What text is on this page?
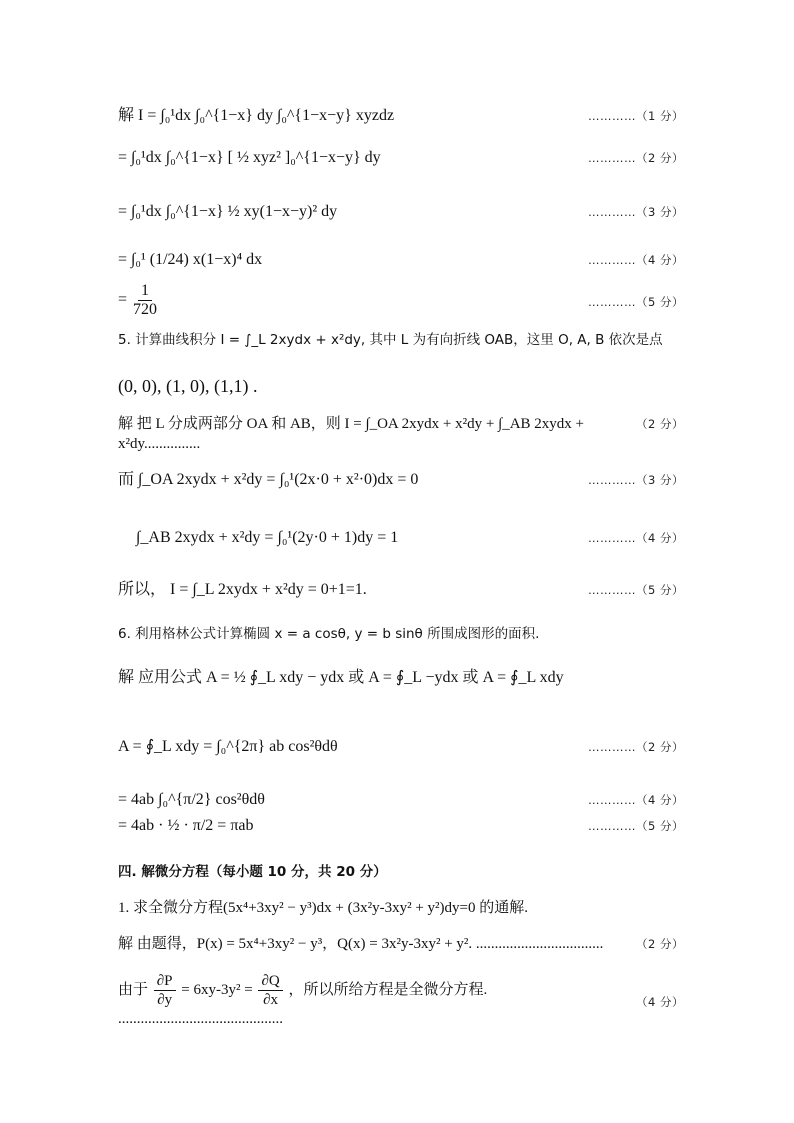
解 I = ∫₀¹dx ∫₀^{1−x} dy ∫₀^{1−x−y} xyzdz	…………（1 分）
= ∫₀¹dx ∫₀^{1−x} [ ½ xyz² ]₀^{1−x−y} dy	…………（2 分）
= ∫₀¹dx ∫₀^{1−x} ½ xy(1−x−y)² dy	…………（3 分）
= ∫₀¹ (1/24) x(1−x)⁴ dx	…………（4 分）
= $\frac{1}{720}$	…………（5 分）
5. 计算曲线积分 I = ∫_L 2xydx + x²dy, 其中 L 为有向折线 OAB，这里 O, A, B 依次是点
(0, 0), (1, 0), (1,1) .
解 把 L 分成两部分 OA 和 AB，则 I = ∫_OA 2xydx + x²dy + ∫_AB 2xydx + x²dy...............
（2 分）
而 ∫_OA 2xydx + x²dy = ∫₀¹(2x·0 + x²·0)dx = 0	…………（3 分）
∫_AB 2xydx + x²dy = ∫₀¹(2y·0 + 1)dy = 1	…………（4 分）
所以， I = ∫_L 2xydx + x²dy = 0+1=1.	…………（5 分）
6. 利用格林公式计算椭圆 x = a cosθ, y = b sinθ 所围成图形的面积.
解 应用公式 A = ½ ∮_L xdy − ydx 或 A = ∮_L −ydx 或 A = ∮_L xdy
A = ∮_L xdy = ∫₀^{2π} ab cos²θdθ	…………（2 分）
= 4ab ∫₀^{π/2} cos²θdθ	…………（4 分）
= 4ab · ½ · π/2 = πab	…………（5 分）
四. 解微分方程（每小题 10 分，共 20 分）
1. 求全微分方程(5x⁴+3xy² − y³)dx + (3x²y-3xy² + y²)dy=0 的通解.
解 由题得，P(x) = 5x⁴+3xy² − y³，Q(x) = 3x²y-3xy² + y². ..................................	（2 分）
由于 $\frac{\partial P}{\partial y} = 6xy-3y^2 = \frac{\partial Q}{\partial x}$ ，所以所给方程是全微分方程. ............................................
（4 分）
